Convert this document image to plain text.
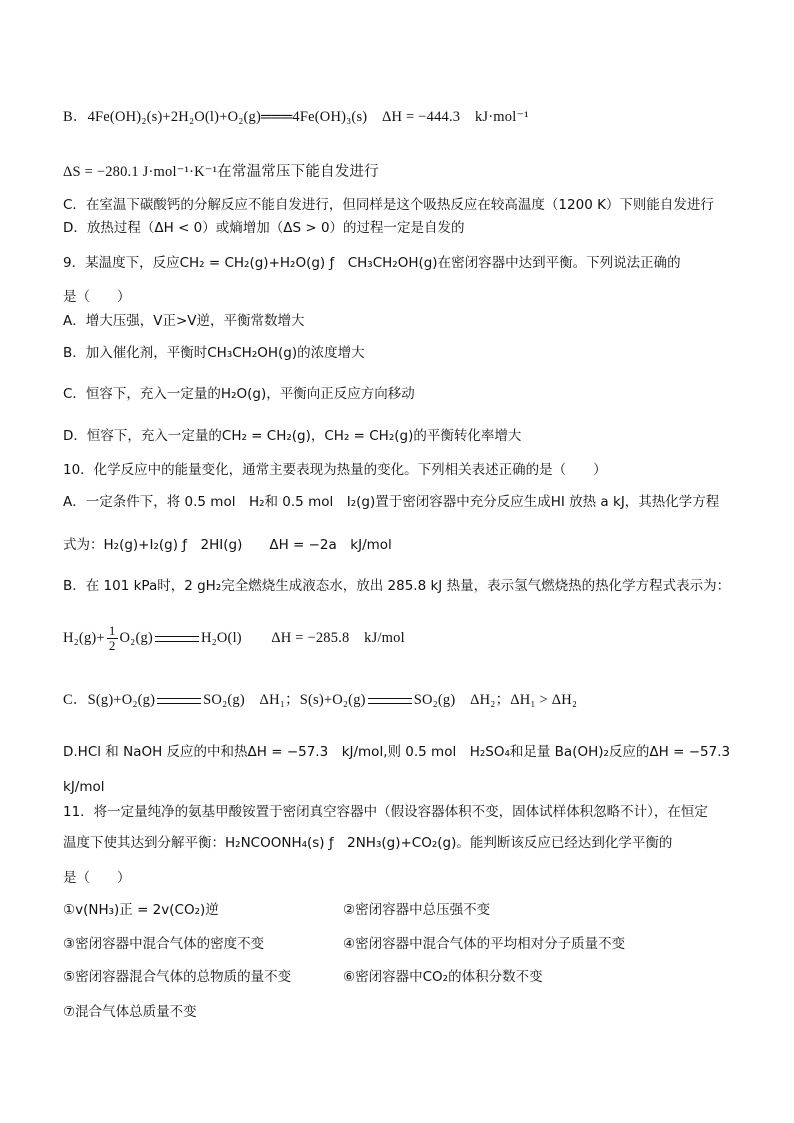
B．4Fe(OH)₂(s)+2H₂O(l)+O₂(g)═══4Fe(OH)₃(s)　ΔH = −444.3　kJ·mol⁻¹
ΔS = −280.1 J·mol⁻¹·K⁻¹在常温常压下能自发进行
C．在室温下碳酸钙的分解反应不能自发进行，但同样是这个吸热反应在较高温度（1200 K）下则能自发进行
D．放热过程（ΔH < 0）或熵增加（ΔS > 0）的过程一定是自发的
9．某温度下，反应CH₂ = CH₂(g)+H₂O(g) ƒ　CH₃CH₂OH(g)在密闭容器中达到平衡。下列说法正确的
是（　　）
A．增大压强，V正>V逆，平衡常数增大
B．加入催化剂，平衡时CH₃CH₂OH(g)的浓度增大
C．恒容下，充入一定量的H₂O(g)，平衡向正反应方向移动
D．恒容下，充入一定量的CH₂ = CH₂(g)，CH₂ = CH₂(g)的平衡转化率增大
10．化学反应中的能量变化，通常主要表现为热量的变化。下列相关表述正确的是（　　）
A．一定条件下，将 0.5 mol　H₂和 0.5 mol　I₂(g)置于密闭容器中充分反应生成HI 放热 a kJ，其热化学方程
式为：H₂(g)+I₂(g) ƒ　2HI(g)　　ΔH = −2a　kJ/mol
B．在 101 kPa时，2 gH₂完全燃烧生成液态水，放出 285.8 kJ 热量，表示氢气燃烧热的热化学方程式表示为：
$H_2(g)+ \frac{1}{2} O_2(g)$	H₂O(l)　　ΔH = −285.8　kJ/mol
C．S(g)+O₂(g)	SO₂(g)　ΔH₁；S(s)+O₂(g)	SO₂(g)　ΔH₂；ΔH₁ > ΔH₂
D.HCl 和 NaOH 反应的中和热ΔH = −57.3　kJ/mol,则 0.5 mol　H₂SO₄和足量 Ba(OH)₂反应的ΔH = −57.3
kJ/mol
11．将一定量纯净的氨基甲酸铵置于密闭真空容器中（假设容器体积不变，固体试样体积忽略不计），在恒定
温度下使其达到分解平衡：H₂NCOONH₄(s) ƒ　2NH₃(g)+CO₂(g)。能判断该反应已经达到化学平衡的
是（　　）
①v(NH₃)正 = 2v(CO₂)逆	②密闭容器中总压强不变
③密闭容器中混合气体的密度不变	④密闭容器中混合气体的平均相对分子质量不变
⑤密闭容器混合气体的总物质的量不变	⑥密闭容器中CO₂的体积分数不变
⑦混合气体总质量不变
